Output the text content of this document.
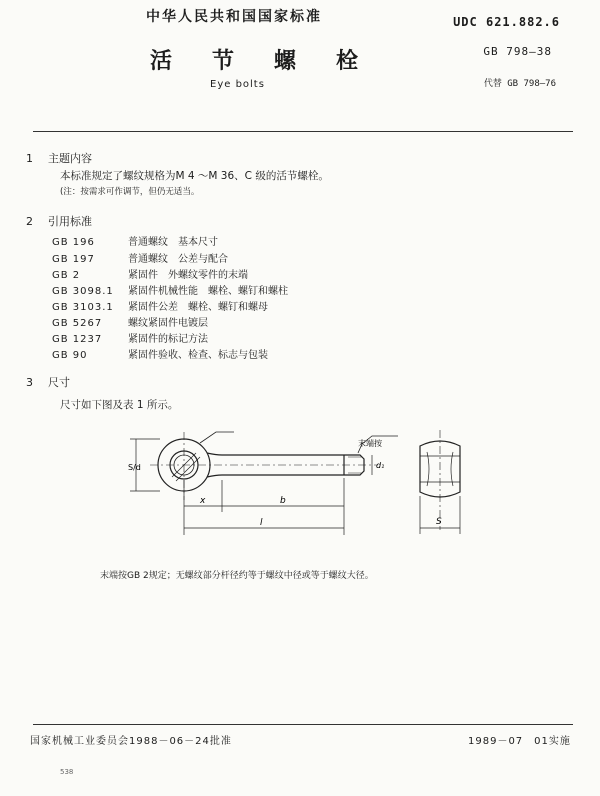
中华人民共和国国家标准	UDC 621.882.6
活节螺栓	GB 798—38
Eye bolts	代替 GB 798—76
1 主题内容
本标准规定了螺纹规格为M 4 ～M 36、C 级的活节螺栓。
(注：按需求可作调节，但仍无适当。
2 引用标准
GB 196	普通螺纹　基本尺寸
GB 197	普通螺纹　公差与配合
GB 2	紧固件　外螺纹零件的末端
GB 3098.1 紧固件机械性能　螺栓、螺钉和螺柱
GB 3103.1 紧固件公差　螺栓、螺钉和螺母
GB 5267	螺纹紧固件电镀层
GB 1237	紧固件的标记方法
GB 90	紧固件验收、检查、标志与包装
3 尺寸
尺寸如下图及表 1 所示。
末端按
S/d
x	b
l
d₁
S
末端按GB 2规定；无螺纹部分杆径约等于螺纹中径或等于螺纹大径。
国家机械工业委员会1988－06－24批准	1989－07　01实施
538
